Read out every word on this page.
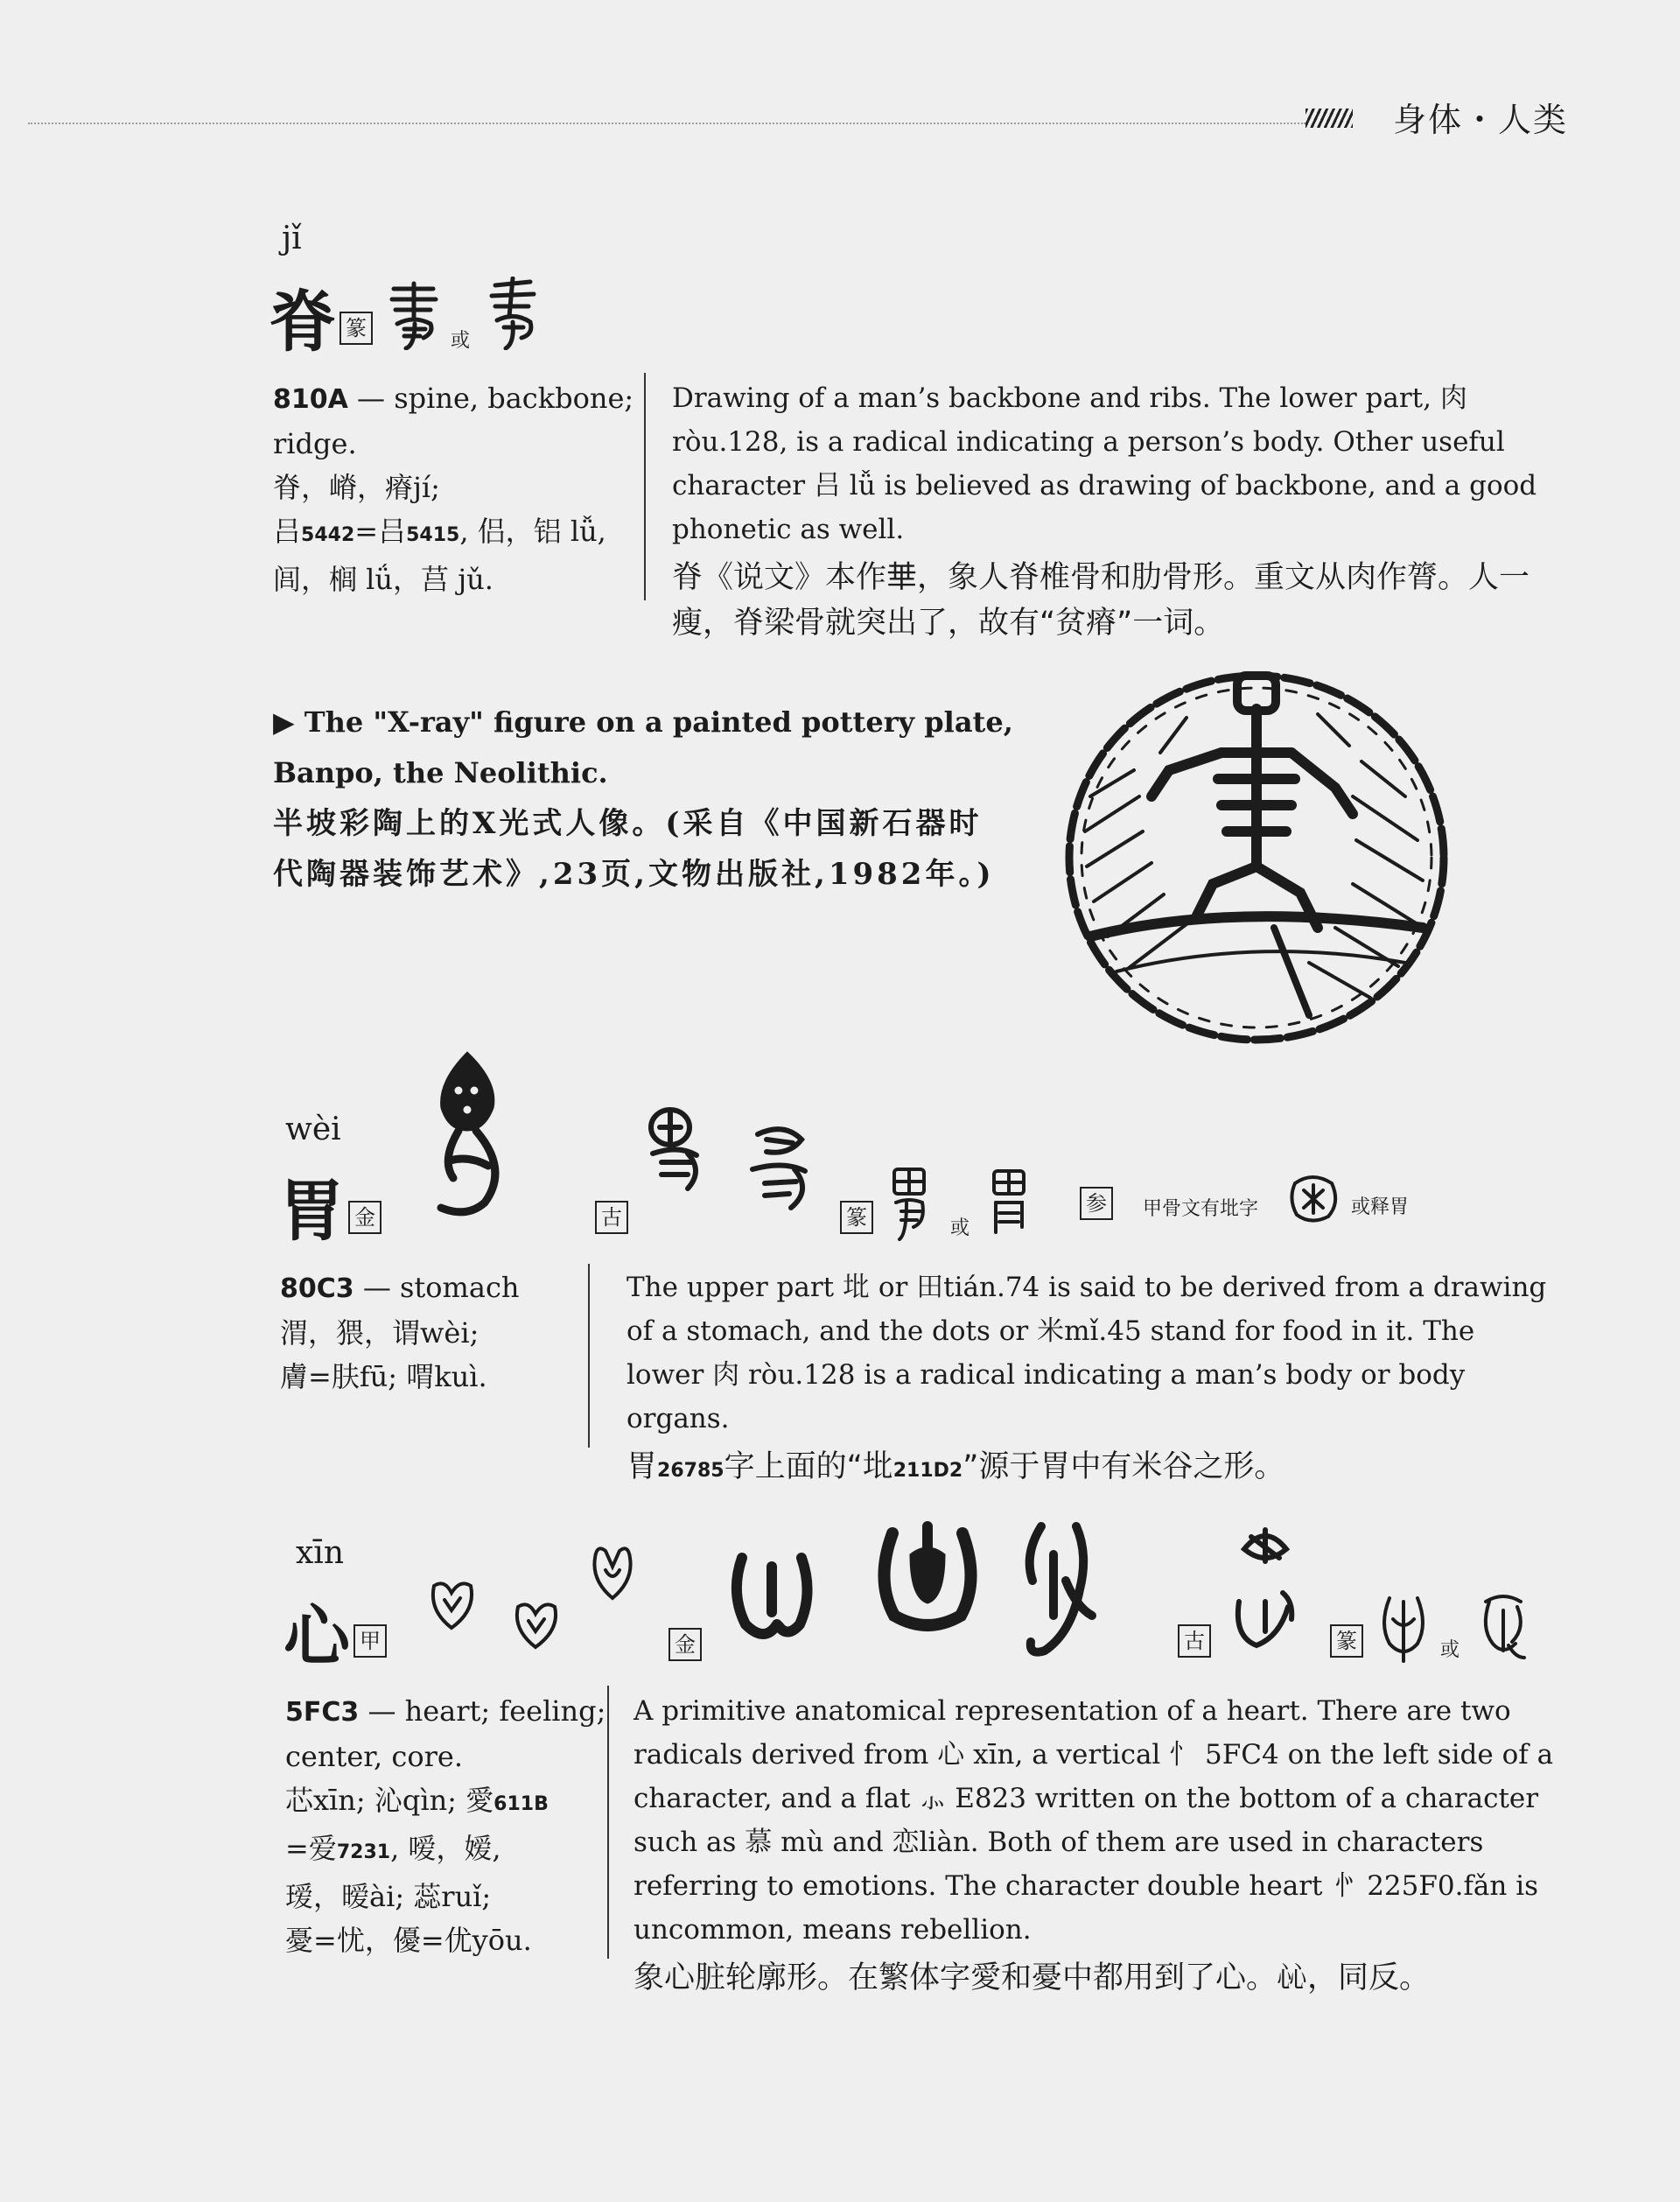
身体・人类
jǐ
脊 篆
或
810A — spine, backbone; ridge.
脊，嵴，瘠jí;
吕5442=吕5415, 侣，铝 lǚ,
闾，榈 lǘ，莒 jǔ.
Drawing of a man’s backbone and ribs. The lower part, 肉 ròu.128, is a radical indicating a person’s body. Other useful character 吕 lǚ is believed as drawing of backbone, and a good phonetic as well.
脊《说文》本作𠦒，象人脊椎骨和肋骨形。重文从肉作膂。人一瘦，脊梁骨就突出了，故有“贫瘠”一词。
▶ The "X-ray" figure on a painted pottery plate,
Banpo, the Neolithic.
半坡彩陶上的X光式人像。(采自《中国新石器时
代陶器装饰艺术》,23页,文物出版社,1982年。)
wèi
胃 金	古	篆	或
参	甲骨文有㘩字	或释胃
80C3 — stomach
渭，猥，谓wèi;
膚=肤fū; 喟kuì.
The upper part 㘩 or 田tián.74 is said to be derived from a drawing of a stomach, and the dots or 米mǐ.45 stand for food in it. The lower 肉 ròu.128 is a radical indicating a man’s body or body organs.
胃26785字上面的“㘩211D2”源于胃中有米谷之形。
xīn
心 甲	金	古	篆	或
5FC3 — heart; feeling; center, core.
芯xīn; 沁qìn; 愛611B
=爱7231, 嗳，嫒,
瑷，暧ài; 蕊ruǐ;
憂=忧，優=优yōu.
A primitive anatomical representation of a heart. There are two radicals derived from 心 xīn, a vertical 忄 5FC4 on the left side of a character, and a flat ⺗ E823 written on the bottom of a character such as 慕 mù and 恋liàn. Both of them are used in characters referring to emotions. The character double heart 㣺 225F0.fǎn is uncommon, means rebellion.
象心脏轮廓形。在繁体字愛和憂中都用到了心。𢗰，同反。
